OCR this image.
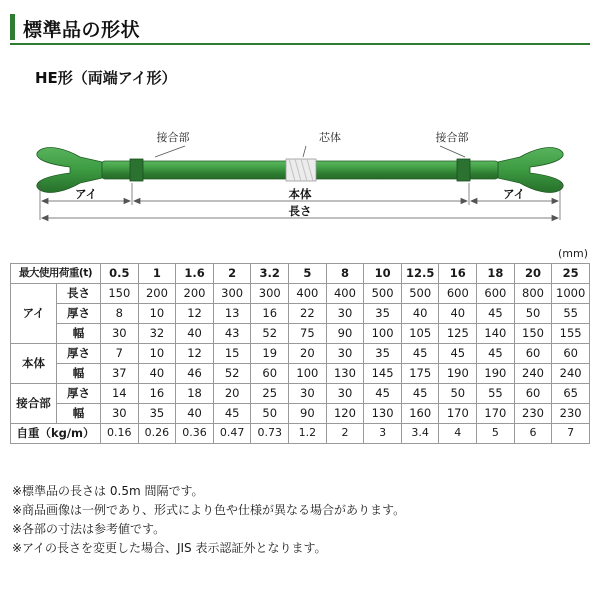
標準品の形状
HE形（両端アイ形）
接合部	芯体	接合部
アイ	本体	アイ
長さ
(mm)
最大使用荷重(t)		0.5	1	1.6	2	3.2	5	8	10	12.5	16	18	20	25
アイ	長さ	150	200	200	300	300	400	400	500	500	600	600	800	1000
	厚さ	8	10	12	13	16	22	30	35	40	40	45	50	55
	幅	30	32	40	43	52	75	90	100	105	125	140	150	155
本体	厚さ	7	10	12	15	19	20	30	35	45	45	45	60	60
	幅	37	40	46	52	60	100	130	145	175	190	190	240	240
接合部	厚さ	14	16	18	20	25	30	30	45	45	50	55	60	65
	幅	30	35	40	45	50	90	120	130	160	170	170	230	230
自重（kg/m）		0.16	0.26	0.36	0.47	0.73	1.2	2	3	3.4	4	5	6	7
※標準品の長さは 0.5m 間隔です。
※商品画像は一例であり、形式により色や仕様が異なる場合があります。
※各部の寸法は参考値です。
※アイの長さを変更した場合、JIS 表示認証外となります。
